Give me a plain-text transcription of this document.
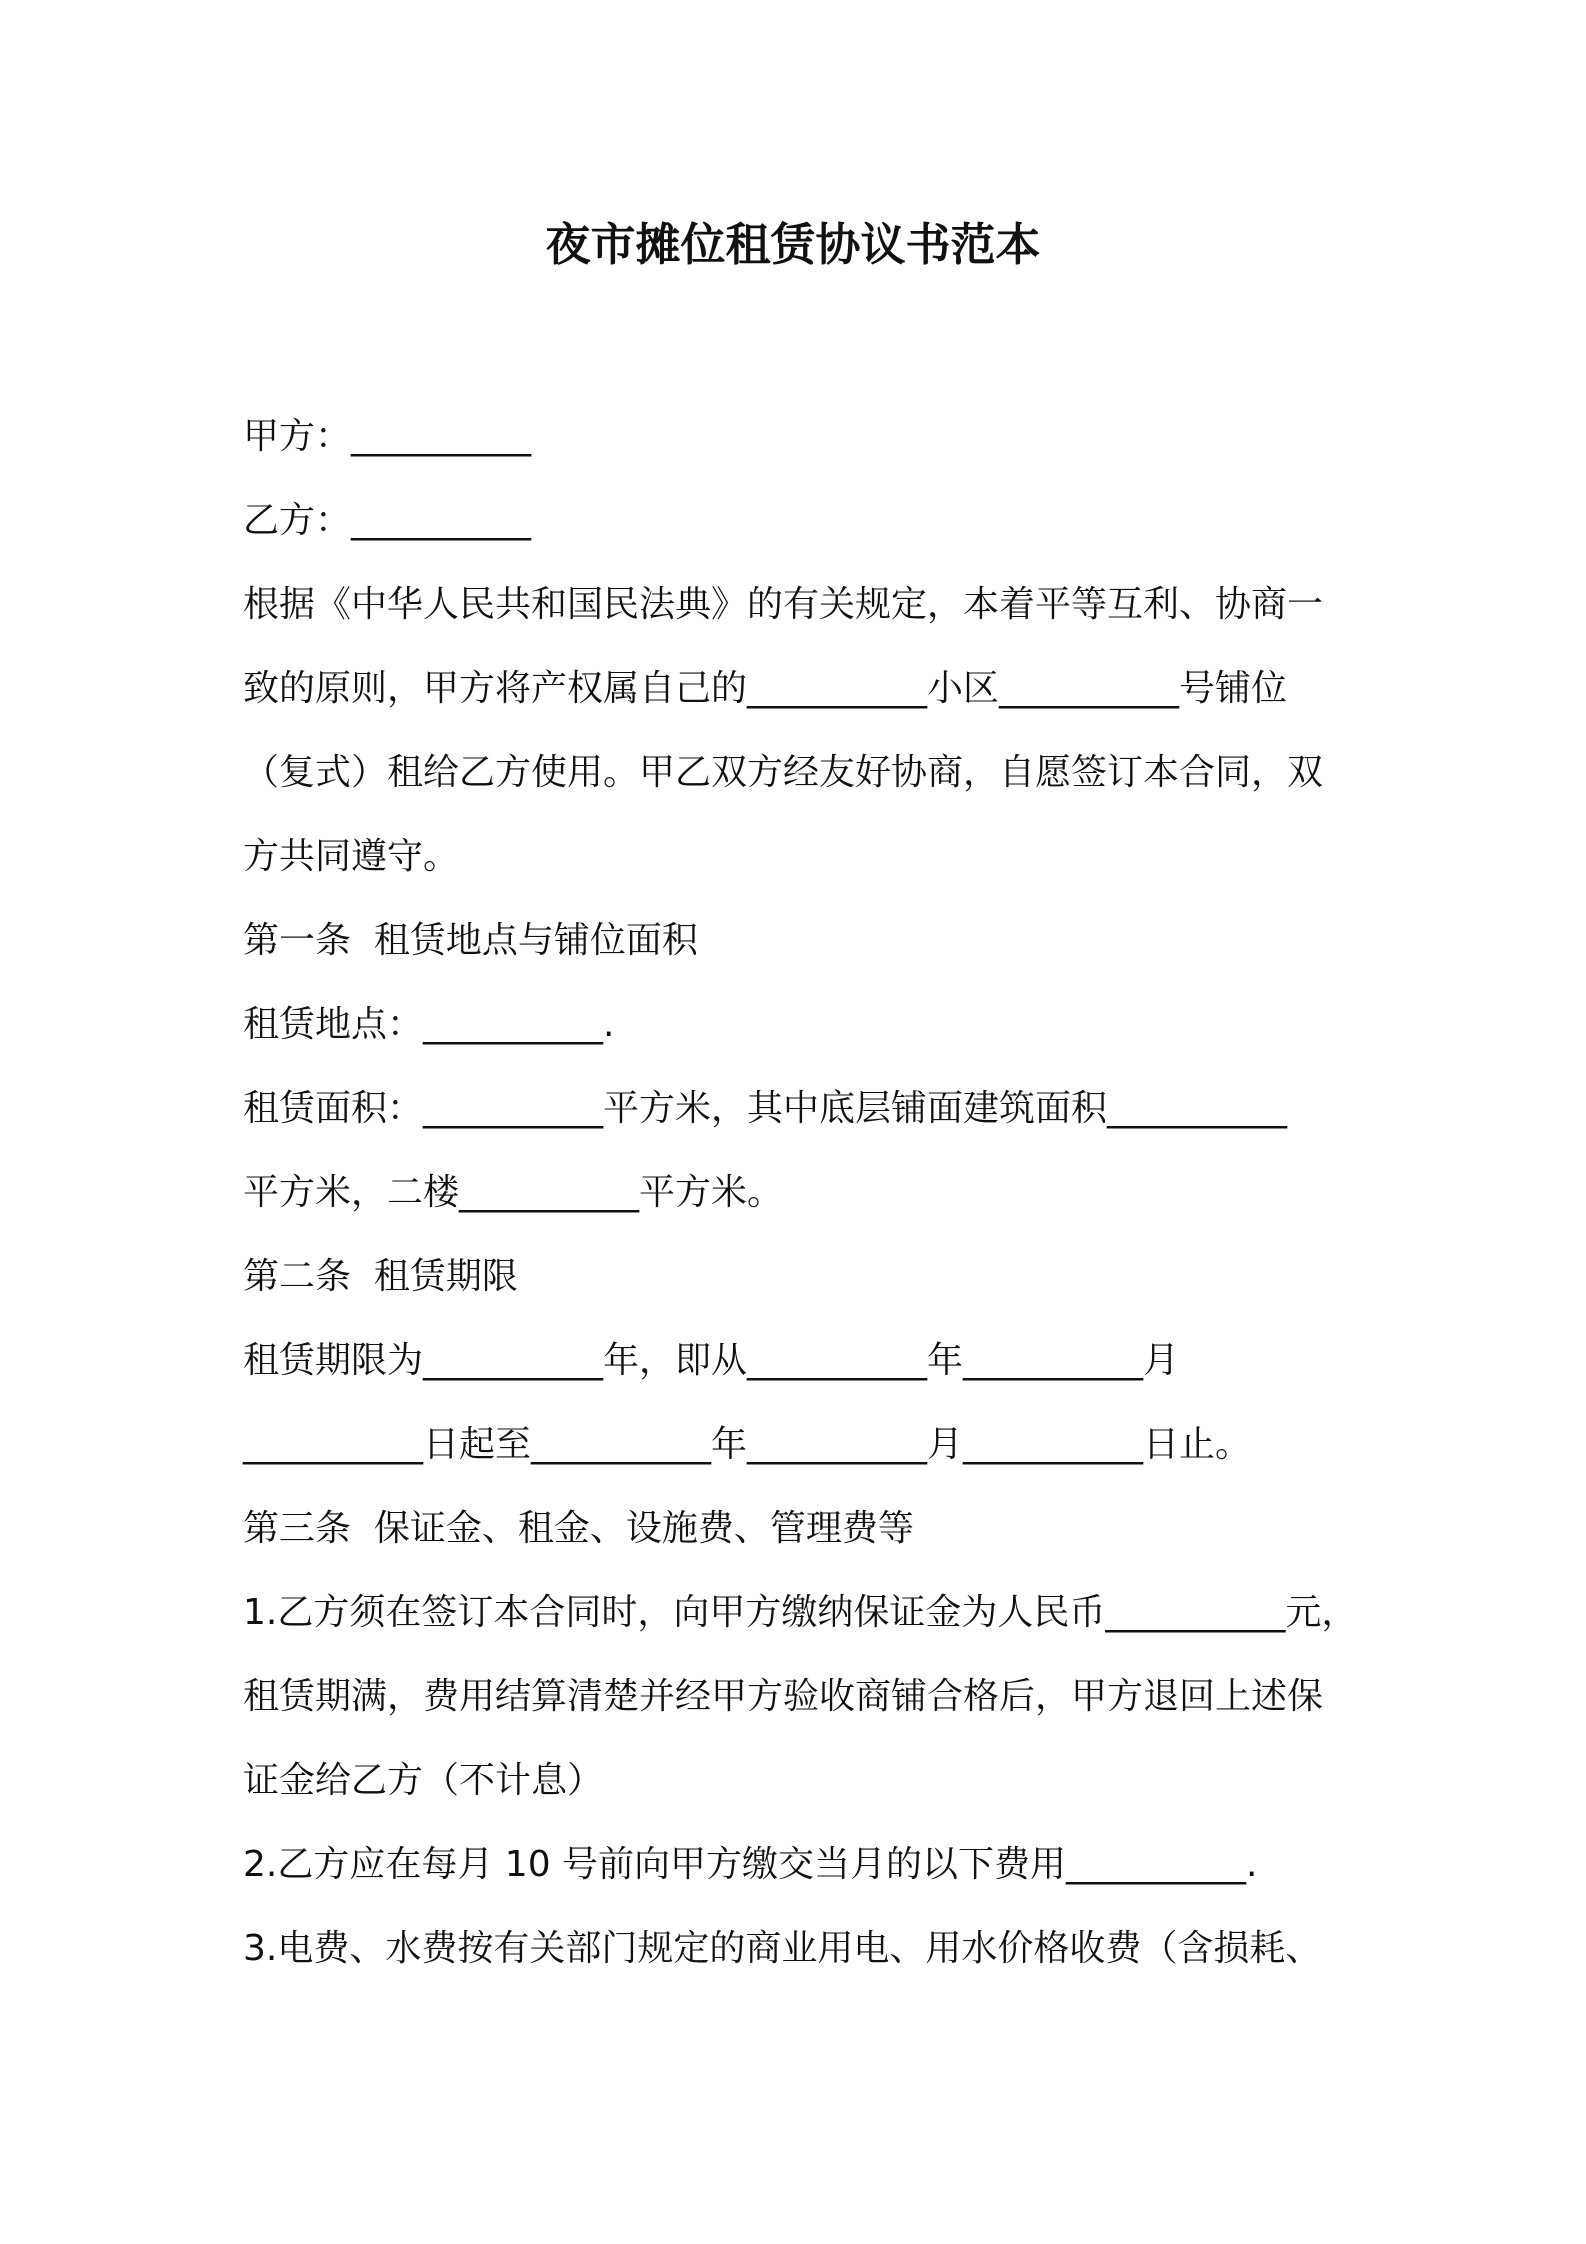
夜市摊位租赁协议书范本
甲方：__________
乙方：__________
根据《中华人民共和国民法典》的有关规定，本着平等互利、协商一
致的原则，甲方将产权属自己的__________小区__________号铺位
（复式）租给乙方使用。甲乙双方经友好协商，自愿签订本合同，双
方共同遵守。
第一条  租赁地点与铺位面积
租赁地点：__________.
租赁面积：__________平方米，其中底层铺面建筑面积__________
平方米，二楼__________平方米。
第二条  租赁期限
租赁期限为__________年，即从__________年__________月
__________日起至__________年__________月__________日止。
第三条  保证金、租金、设施费、管理费等
1.乙方须在签订本合同时，向甲方缴纳保证金为人民币__________元，
租赁期满，费用结算清楚并经甲方验收商铺合格后，甲方退回上述保
证金给乙方（不计息）
2.乙方应在每月 10 号前向甲方缴交当月的以下费用__________.
3.电费、水费按有关部门规定的商业用电、用水价格收费（含损耗、
